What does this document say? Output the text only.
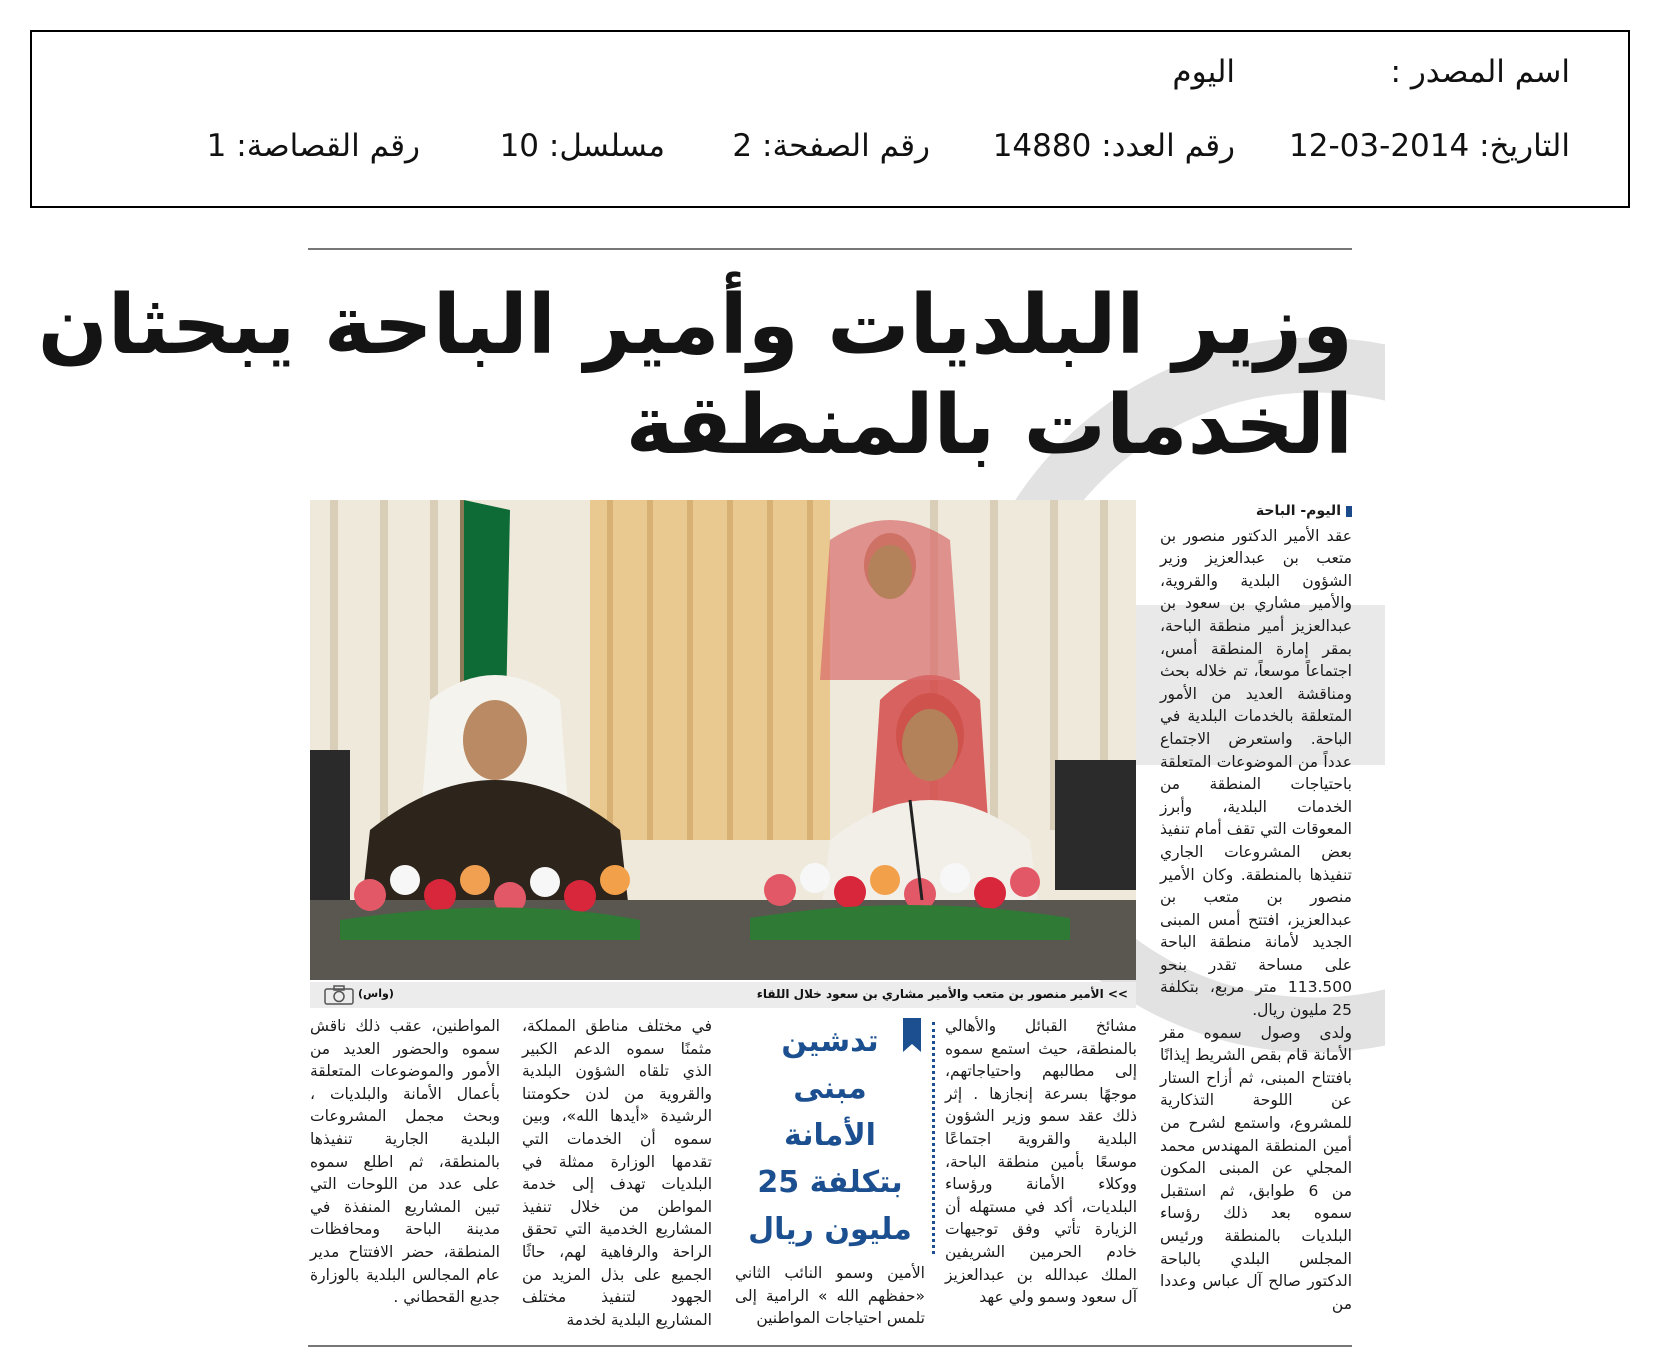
اسم المصدر :
اليوم
التاريخ: 2014-03-12
رقم العدد: 14880
رقم الصفحة: 2
مسلسل: 10
رقم القصاصة: 1
وزير البلديات وأمير الباحة يبحثان
الخدمات بالمنطقة
>> الأمير منصور بن متعب والأمير مشاري بن سعود خلال اللقاء
(واس)
اليوم- الباحة

عقد الأمير الدكتور منصور بن متعب بن عبدالعزيز وزير الشؤون البلدية والقروية، والأمير مشاري بن سعود بن عبدالعزيز أمير منطقة الباحة، بمقر إمارة المنطقة أمس، اجتماعاً موسعاً، تم خلاله بحث ومناقشة العديد من الأمور المتعلقة بالخدمات البلدية في الباحة. واستعرض الاجتماع عدداً من الموضوعات المتعلقة باحتياجات المنطقة من الخدمات البلدية، وأبرز المعوقات التي تقف أمام تنفيذ بعض المشروعات الجاري تنفيذها بالمنطقة. وكان الأمير منصور بن متعب بن عبدالعزيز، افتتح أمس المبنى الجديد لأمانة منطقة الباحة على مساحة تقدر بنحو 113.500 متر مربع، بتكلفة 25 مليون ريال.

ولدى وصول سموه مقر الأمانة قام بقص الشريط إيذانًا بافتتاح المبنى، ثم أزاح الستار عن اللوحة التذكارية للمشروع، واستمع لشرح من أمين المنطقة المهندس محمد المجلي عن المبنى المكون من 6 طوابق، ثم استقبل سموه بعد ذلك رؤساء البلديات بالمنطقة ورئيس المجلس البلدي بالباحة الدكتور صالح آل عباس وعددا من

مشائخ القبائل والأهالي بالمنطقة، حيث استمع سموه إلى مطالبهم واحتياجاتهم، موجهًا بسرعة إنجازها . إثر ذلك عقد سمو وزير الشؤون البلدية والقروية اجتماعًا موسعًا بأمين منطقة الباحة، ووكلاء الأمانة ورؤساء البلديات، أكد في مستهله أن الزيارة تأتي وفق توجيهات خادم الحرمين الشريفين الملك عبدالله بن عبدالعزيز آل سعود وسمو ولي عهد

تدشين
مبنى
الأمانة
بتكلفة 25
مليون ريال

الأمين وسمو النائب الثاني «حفظهم الله » الرامية إلى تلمس احتياجات المواطنين

في مختلف مناطق المملكة، مثمنًا سموه الدعم الكبير الذي تلقاه الشؤون البلدية والقروية من لدن حكومتنا الرشيدة «أيدها الله»، وبين سموه أن الخدمات التي تقدمها الوزارة ممثلة في البلديات تهدف إلى خدمة المواطن من خلال تنفيذ المشاريع الخدمية التي تحقق الراحة والرفاهية لهم، حاثًا الجميع على بذل المزيد من الجهود لتنفيذ مختلف المشاريع البلدية لخدمة

المواطنين، عقب ذلك ناقش سموه والحضور العديد من الأمور والموضوعات المتعلقة بأعمال الأمانة والبلديات ، وبحث مجمل المشروعات البلدية الجارية تنفيذها بالمنطقة، ثم اطلع سموه على عدد من اللوحات التي تبين المشاريع المنفذة في مدينة الباحة ومحافظات المنطقة، حضر الافتتاح مدير عام المجالس البلدية بالوزارة جديع القحطاني .
